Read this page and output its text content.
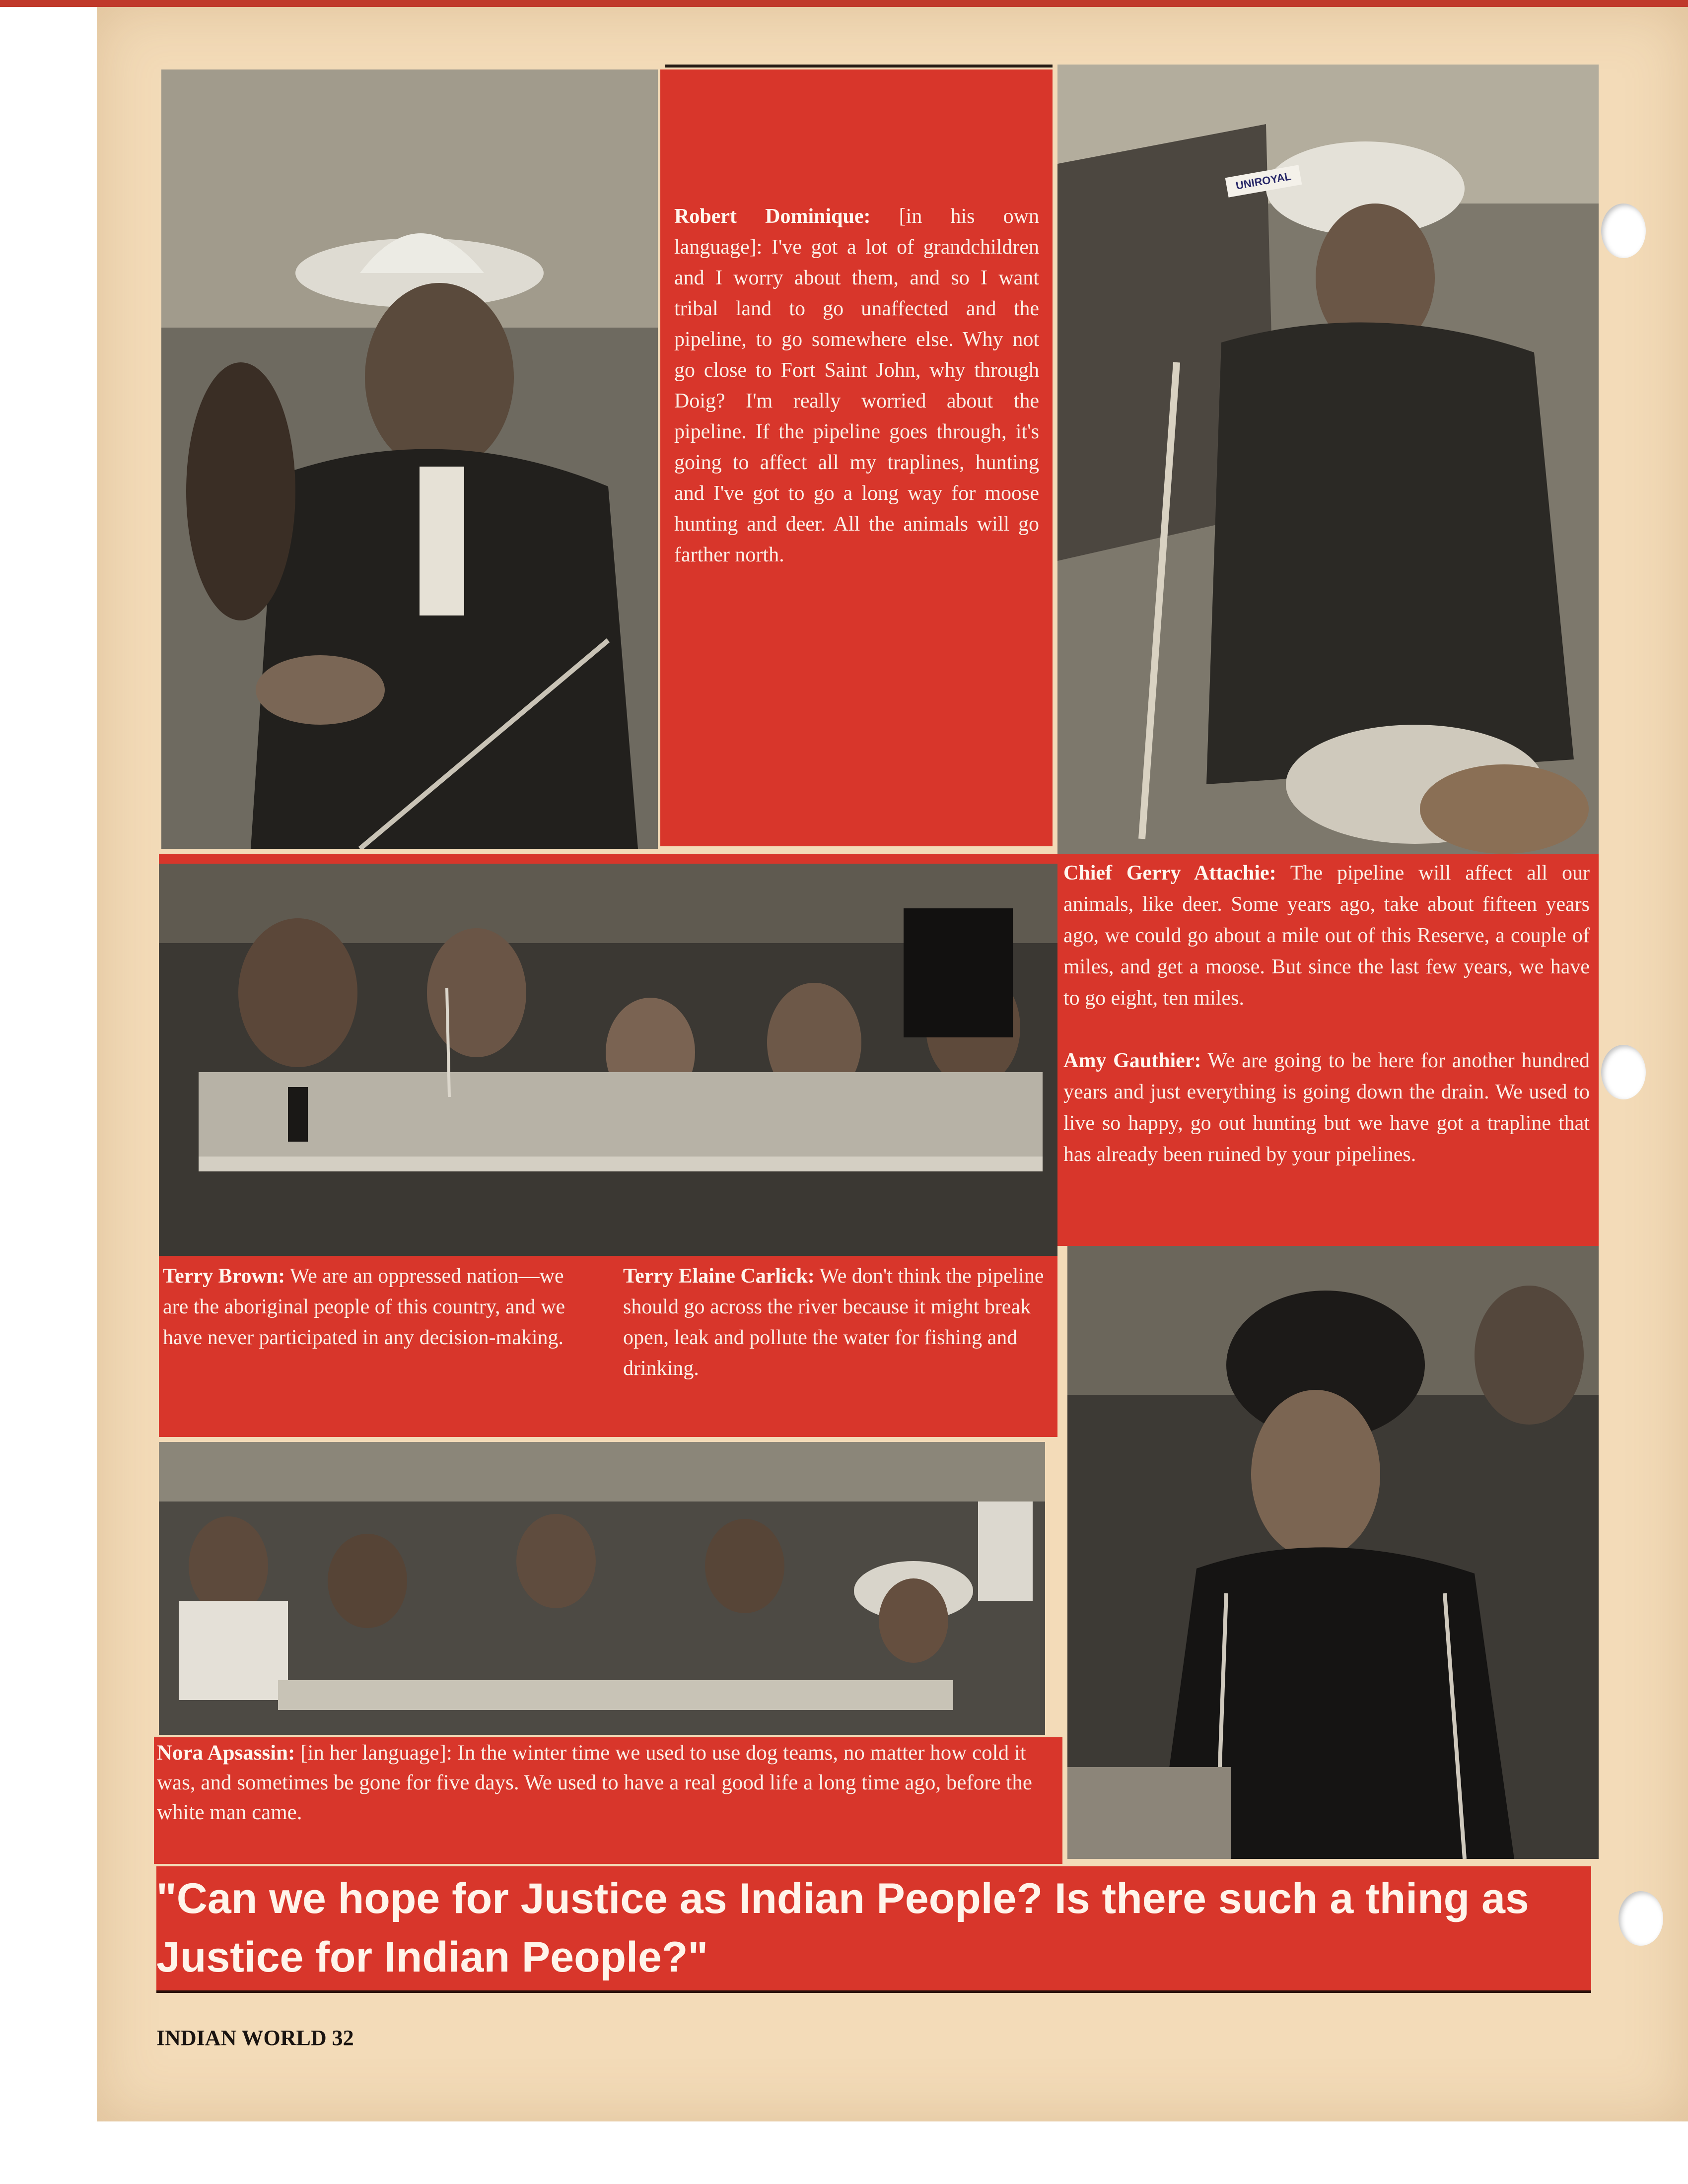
Robert Dominique: [in his own language]: I've got a lot of grandchildren and I worry about them, and so I want tribal land to go unaffected and the pipeline, to go somewhere else. Why not go close to Fort Saint John, why through Doig? I'm really worried about the pipeline. If the pipeline goes through, it's going to affect all my traplines, hunting and I've got to go a long way for moose hunting and deer. All the animals will go farther north.
UNIROYAL
Chief Gerry Attachie: The pipeline will affect all our animals, like deer. Some years ago, take about fifteen years ago, we could go about a mile out of this Reserve, a couple of miles, and get a moose. But since the last few years, we have to go eight, ten miles.
Amy Gauthier: We are going to be here for another hundred years and just everything is going down the drain. We used to live so happy, go out hunting but we have got a trapline that has already been ruined by your pipelines.
Terry Brown: We are an oppressed nation—we are the aboriginal people of this country, and we have never participated in any decision-making.
Terry Elaine Carlick: We don't think the pipeline should go across the river because it might break open, leak and pollute the water for fishing and drinking.
Nora Apsassin: [in her language]: In the winter time we used to use dog teams, no matter how cold it was, and sometimes be gone for five days. We used to have a real good life a long time ago, before the white man came.
"Can we hope for Justice as Indian People? Is there such a thing as Justice for Indian People?"
INDIAN WORLD 32
